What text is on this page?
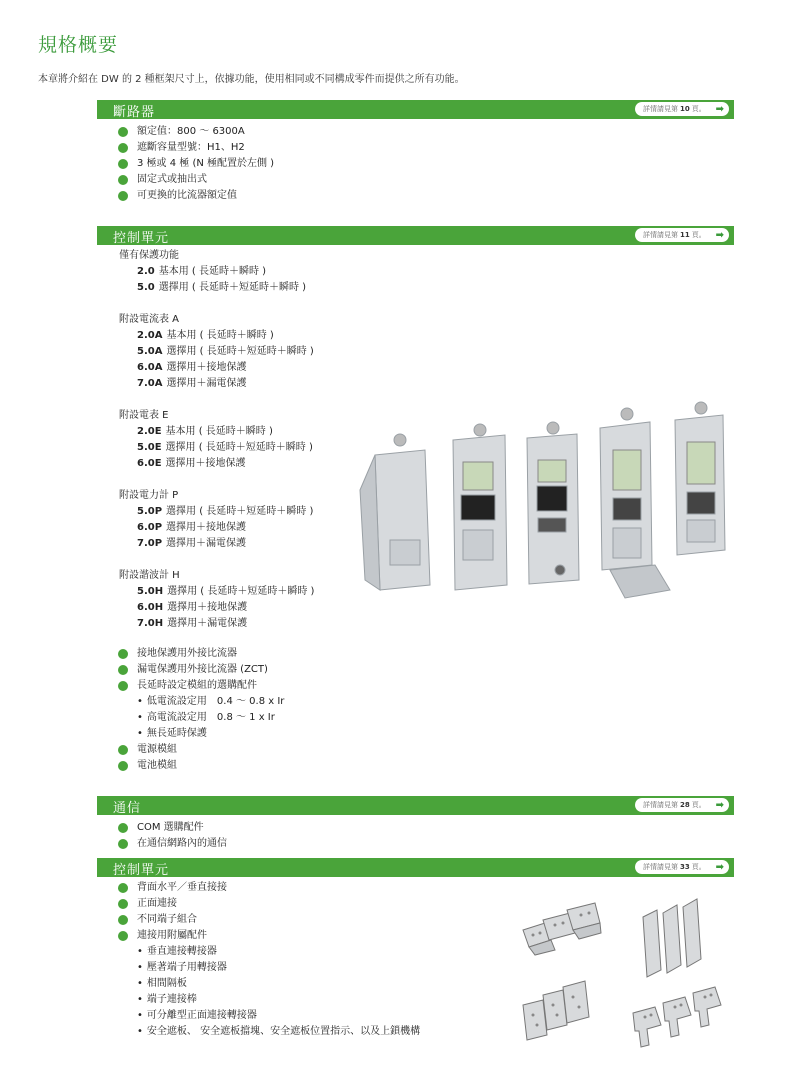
規格概要
本章將介紹在 DW 的 2 種框架尺寸上，依據功能，使用相同或不同構成零件而提供之所有功能。
斷路器	詳情請見第 10 頁。 ➡
額定值：800 ～ 6300A
遮斷容量型號：H1、H2
3 極或 4 極 (N 極配置於左側 )
固定式或抽出式
可更換的比流器額定值
控制單元	詳情請見第 11 頁。 ➡
僅有保護功能
2.0 基本用 ( 長延時＋瞬時 )
5.0 選擇用 ( 長延時＋短延時＋瞬時 )
附設電流表 A
2.0A 基本用 ( 長延時＋瞬時 )
5.0A 選擇用 ( 長延時＋短延時＋瞬時 )
6.0A 選擇用＋接地保護
7.0A 選擇用＋漏電保護
附設電表 E
2.0E 基本用 ( 長延時＋瞬時 )
5.0E 選擇用 ( 長延時＋短延時＋瞬時 )
6.0E 選擇用＋接地保護
附設電力計 P
5.0P 選擇用 ( 長延時＋短延時＋瞬時 )
6.0P 選擇用＋接地保護
7.0P 選擇用＋漏電保護
附設諧波計 H
5.0H 選擇用 ( 長延時＋短延時＋瞬時 )
6.0H 選擇用＋接地保護
7.0H 選擇用＋漏電保護
接地保護用外接比流器
漏電保護用外接比流器 (ZCT)
長延時設定模組的選購配件
• 低電流設定用　0.4 ～ 0.8 x Ir
• 高電流設定用　0.8 ～ 1 x Ir
• 無長延時保護
電源模組
電池模組
通信	詳情請見第 28 頁。 ➡
COM 選購配件
在通信網路內的通信
控制單元	詳情請見第 33 頁。 ➡
背面水平／垂直接接
正面連接
不同端子組合
連接用附屬配件
• 垂直連接轉接器
• 壓著端子用轉接器
• 相間隔板
• 端子連接棒
• 可分離型正面連接轉接器
• 安全遮板、 安全遮板擋塊、安全遮板位置指示、以及上鎖機構
